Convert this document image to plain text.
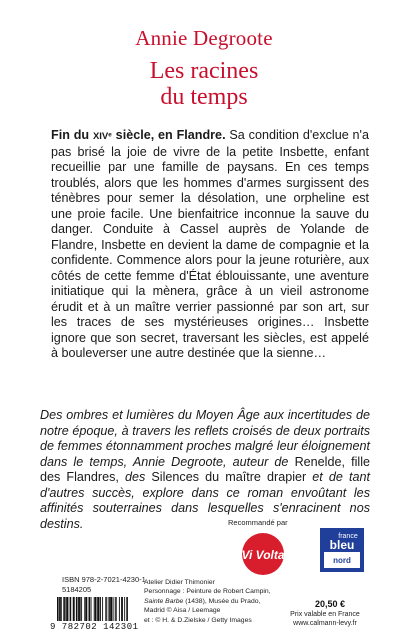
Annie Degroote
Les racines
du temps
Fin du XIVᵉ siècle, en Flandre. Sa condition d'exclue n'a pas brisé la joie de vivre de la petite Insbette, enfant recueillie par une famille de paysans. En ces temps troublés, alors que les hommes d'armes surgissent des ténèbres pour semer la désolation, une orpheline est une proie facile. Une bienfaitrice inconnue la sauve du danger. Conduite à Cassel auprès de Yolande de Flandre, Insbette en devient la dame de compagnie et la confidente. Commence alors pour la jeune roturière, aux côtés de cette femme d'État éblouissante, une aventure initiatique qui la mènera, grâce à un vieil astronome érudit et à un maître verrier passionné par son art, sur les traces de ses mystérieuses origines… Insbette ignore que son secret, traversant les siècles, est appelé à bouleverser une autre destinée que la sienne…
Des ombres et lumières du Moyen Âge aux incertitudes de notre époque, à travers les reflets croisés de deux portraits de femmes étonnamment proches malgré leur éloignement dans le temps, Annie Degroote, auteur de Renelde, fille des Flandres, des Silences du maître drapier et de tant d'autres succès, explore dans ce roman envoûtant les affinités souterraines dans lesquelles s'enracinent nos destins.	Recommandé par
Vi Volta
france
bleu
nord
ISBN 978-2-7021-4230-1
5184205
9 782702 142301
Atelier Didier Thimonier
Personnage : Peinture de Robert Campin,
Sainte Barbe (1438), Musée du Prado,
Madrid © Aisa / Leemage
et : © H. & D.Zielske / Getty Images
20,50 €
Prix valable en France
www.calmann-levy.fr
